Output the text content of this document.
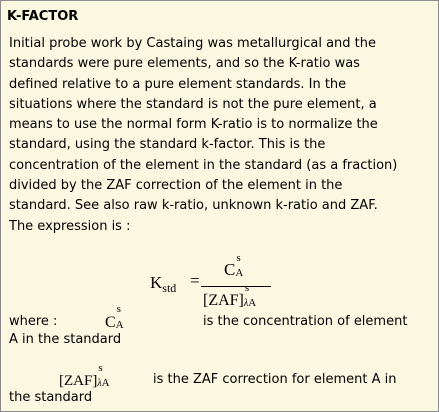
K-FACTOR
Initial probe work by Castaing was metallurgical and the
standards were pure elements, and so the K-ratio was
defined relative to a pure element standards. In the
situations where the standard is not the pure element, a
means to use the normal form K-ratio is to normalize the
standard, using the standard k-factor. This is the
concentration of the element in the standard (as a fraction)
divided by the ZAF correction of the element in the
standard. See also raw k-ratio, unknown k-ratio and ZAF.
The expression is :
$K_{std}$ =
C
s
A
[ZAF]
s
λA
where :	C
s
A	is the concentration of element
A in the standard
[ZAF]
s
λA	is the ZAF correction for element A in
the standard
